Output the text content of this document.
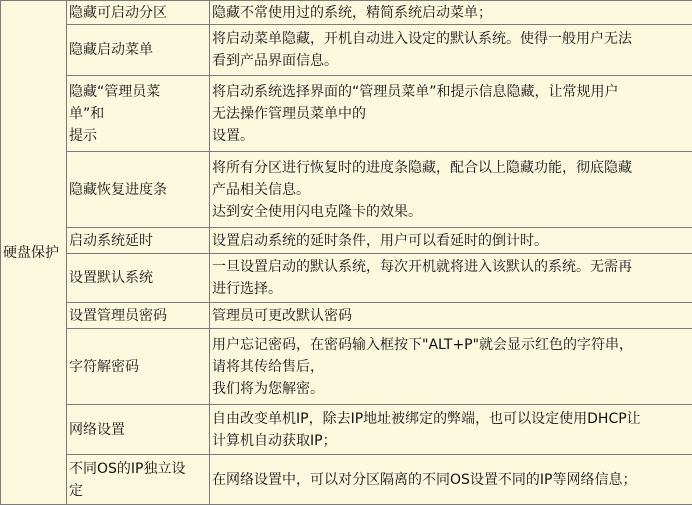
硬盘保护	隐藏可启动分区	隐藏不常使用过的系统，精简系统启动菜单；

	隐藏启动菜单	将启动菜单隐藏，开机自动进入设定的默认系统。使得一般用户无法
看到产品界面信息。

	隐藏“管理员菜
单”和
提示	将启动系统选择界面的“管理员菜单”和提示信息隐藏，让常规用户
无法操作管理员菜单中的
设置。

	隐藏恢复进度条	将所有分区进行恢复时的进度条隐藏，配合以上隐藏功能，彻底隐藏
产品相关信息。
达到安全使用闪电克隆卡的效果。

	启动系统延时	设置启动系统的延时条件，用户可以看延时的倒计时。

	设置默认系统	一旦设置启动的默认系统，每次开机就将进入该默认的系统。无需再
进行选择。

	设置管理员密码	管理员可更改默认密码

	字符解密码	用户忘记密码，在密码输入框按下"ALT+P"就会显示红色的字符串，
请将其传给售后，
我们将为您解密。

	网络设置	自由改变单机IP，除去IP地址被绑定的弊端，也可以设定使用DHCP让
计算机自动获取IP；

	不同OS的IP独立设
定	在网络设置中，可以对分区隔离的不同OS设置不同的IP等网络信息；
